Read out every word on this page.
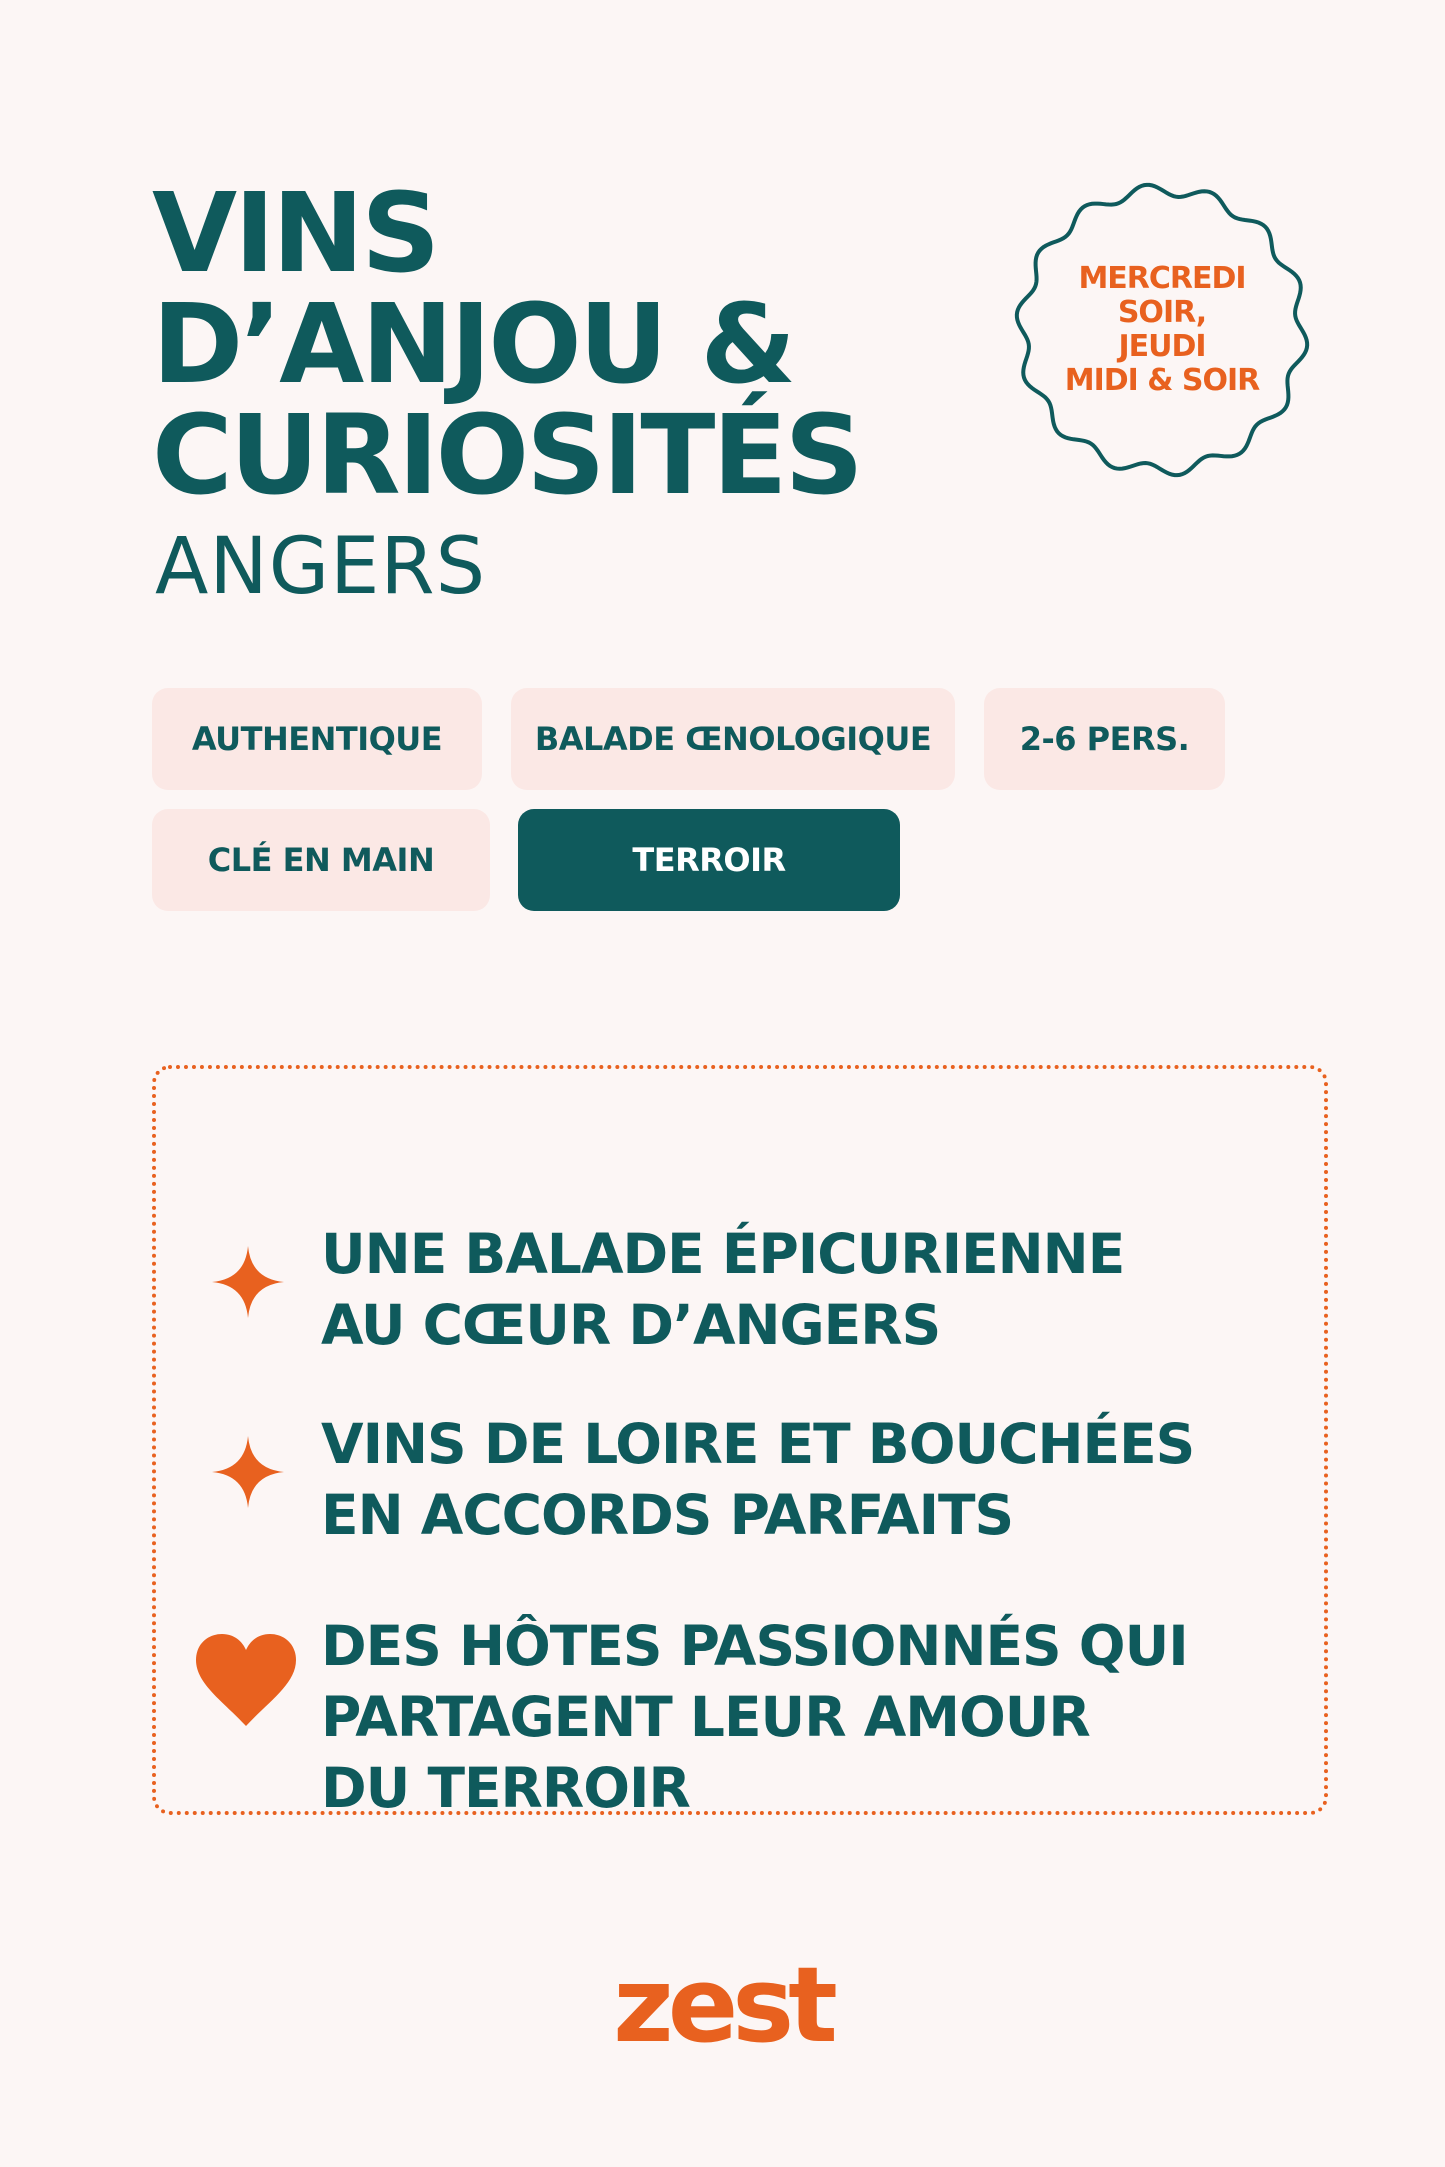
VINS
D’ANJOU &
CURIOSITÉS
ANGERS
MERCREDI
SOIR,
JEUDI
MIDI & SOIR
AUTHENTIQUE	BALADE ŒNOLOGIQUE	2-6 PERS.
CLÉ EN MAIN	TERROIR

UNE BALADE ÉPICURIENNE
AU CŒUR D’ANGERS

VINS DE LOIRE ET BOUCHÉES
EN ACCORDS PARFAITS

DES HÔTES PASSIONNÉS QUI
PARTAGENT LEUR AMOUR
DU TERROIR

zest
